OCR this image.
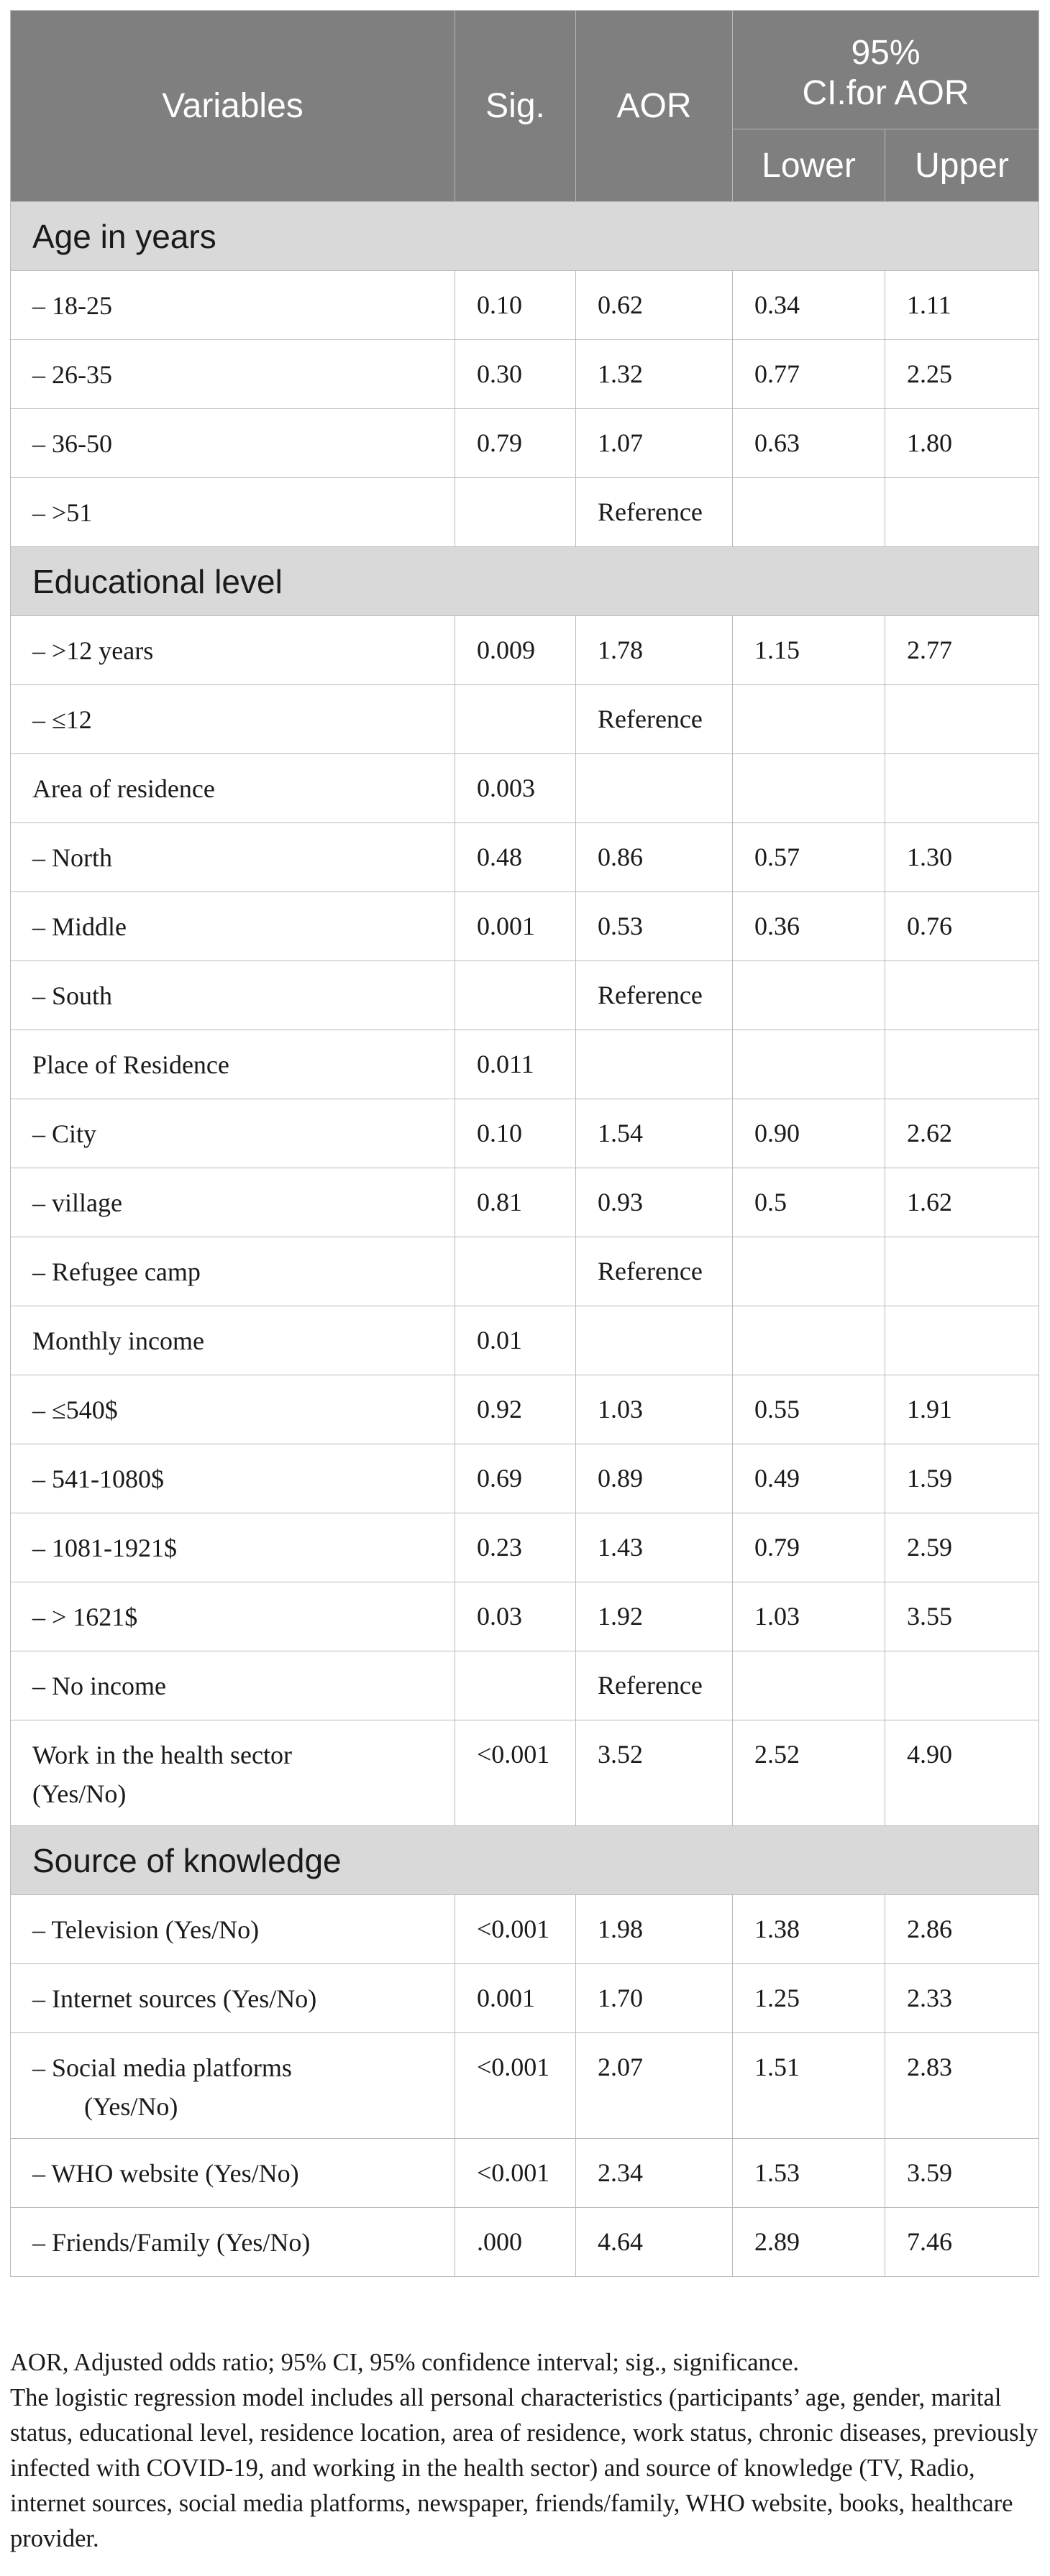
Variables	Sig.	AOR	95%
CI.for AOR	

			Lower	Upper
Age in years				
– 18-25	0.10	0.62	0.34	1.11
– 26-35	0.30	1.32	0.77	2.25
– 36-50	0.79	1.07	0.63	1.80
– >51		Reference		
Educational level				
– >12 years	0.009	1.78	1.15	2.77
– ≤12		Reference		
Area of residence	0.003			
– North	0.48	0.86	0.57	1.30
– Middle	0.001	0.53	0.36	0.76
– South		Reference		
Place of Residence	0.011			
– City	0.10	1.54	0.90	2.62
– village	0.81	0.93	0.5	1.62
– Refugee camp		Reference		
Monthly income	0.01			
– ≤540$	0.92	1.03	0.55	1.91
– 541-1080$	0.69	0.89	0.49	1.59
– 1081-1921$	0.23	1.43	0.79	2.59
– > 1621$	0.03	1.92	1.03	3.55
– No income		Reference		

Work in the health sector
(Yes/No)	<0.001	3.52	2.52	4.90
Source of knowledge				
– Television (Yes/No)	<0.001	1.98	1.38	2.86
– Internet sources (Yes/No)	0.001	1.70	1.25	2.33

– Social media platforms
(Yes/No)	<0.001	2.07	1.51	2.83
– WHO website (Yes/No)	<0.001	2.34	1.53	3.59
– Friends/Family (Yes/No)	.000	4.64	2.89	7.46

AOR, Adjusted odds ratio; 95% CI, 95% confidence interval; sig., significance.

The logistic regression model includes all personal characteristics (participants’ age, gender, marital status, educational level, residence location, area of residence, work status, chronic diseases, previously infected with COVID-19, and working in the health sector) and source of knowledge (TV, Radio, internet sources, social media platforms, newspaper, friends/family, WHO website, books, healthcare provider.
